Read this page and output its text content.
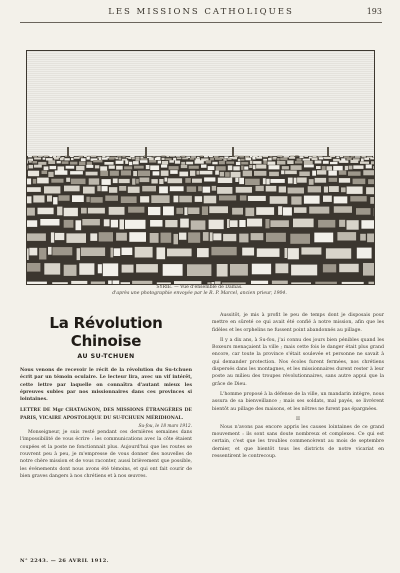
LES MISSIONS CATHOLIQUES	193
SYRIE. — Vue d'ensemble de Damas.
d'après une photographie envoyée par le R. P. Marcel, ancien prieur, 1904.
La Révolution Chinoise
AU SU-TCHUEN

Nous venons de recevoir le récit de la révolution du Su-tchuen écrit par un témoin oculaire. Le lecteur lira, avec un vif intérêt, cette lettre par laquelle on connaîtra d'autant mieux les épreuves subies par nos missionnaires dans ces provinces si lointaines.

LETTRE DE Mgr CHATAGNON, DES MISSIONS ÉTRANGÈRES DE PARIS, VICAIRE APOSTOLIQUE DU SU-TCHUEN MÉRIDIONAL.

Su-fou, le 18 mars 1912.

Monseigneur, je suis resté pendant ces dernières semaines dans l'impossibilité de vous écrire : les communications avec la côte étaient coupées et la poste ne fonctionnait plus. Aujourd'hui que les routes se rouvrent peu à peu, je m'empresse de vous donner des nouvelles de notre chère mission et de vous raconter, aussi brièvement que possible, les événements dont nous avons été témoins, et qui ont fait courir de bien graves dangers à nos chrétiens et à nos œuvres.

Aussitôt, je mis à profit le peu de temps dont je disposais pour mettre en sûreté ce qui avait été confié à notre mission, afin que les fidèles et les orphelins ne fussent point abandonnés au pillage.

Il y a dix ans, à Su-fou, j'ai connu des jours bien pénibles quand les Boxeurs menaçaient la ville ; mais cette fois le danger était plus grand encore, car toute la province s'était soulevée et personne ne savait à qui demander protection. Nos écoles furent fermées, nos chrétiens dispersés dans les montagnes, et les missionnaires durent rester à leur poste au milieu des troupes révolutionnaires, sans autre appui que la grâce de Dieu.

L'homme proposé à la défense de la ville, un mandarin intègre, nous assura de sa bienveillance ; mais ses soldats, mal payés, se livrèrent bientôt au pillage des maisons, et les nôtres ne furent pas épargnées.

II

Nous n'avons pas encore appris les causes lointaines de ce grand mouvement : ils sont sans doute nombreux et complexes. Ce qui est certain, c'est que les troubles commencèrent au mois de septembre dernier, et que bientôt tous les districts de notre vicariat en ressentirent le contrecoup.

N° 2243. — 26 AVRIL 1912.
